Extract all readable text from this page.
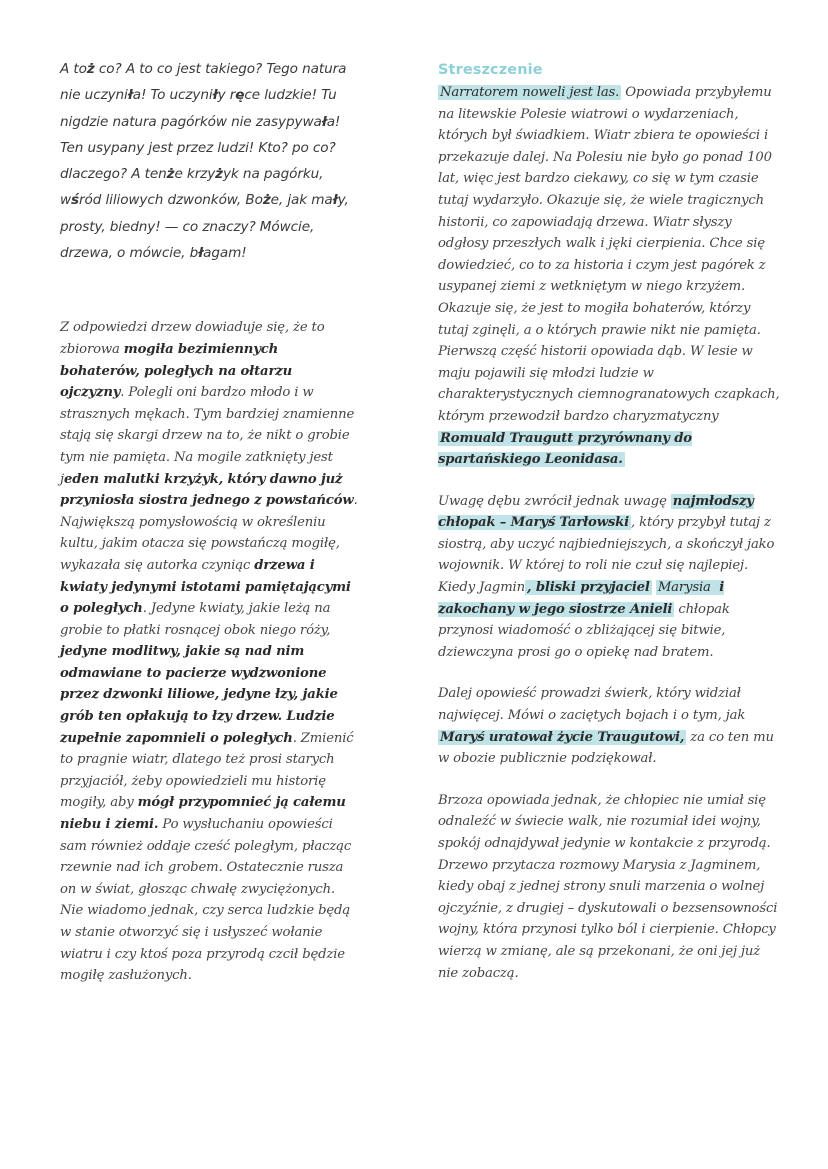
A toż co? A to co jest takiego? Tego natura nie uczyniła! To uczyniły ręce ludzkie! Tu nigdzie natura pagórków nie zasypywała! Ten usypany jest przez ludzi! Kto? po co? dlaczego? A tenże krzyżyk na pagórku, wśród liliowych dzwonków, Boże, jak mały, prosty, biedny! — co znaczy? Mówcie, drzewa, o mówcie, błagam!

Z odpowiedzi drzew dowiaduje się, że to zbiorowa mogiła bezimiennych bohaterów, poległych na ołtarzu ojczyzny. Polegli oni bardzo młodo i w strasznych mękach. Tym bardziej znamienne stają się skargi drzew na to, że nikt o grobie tym nie pamięta. Na mogile zatknięty jest jeden malutki krzyżyk, który dawno już przyniosła siostra jednego z powstańców. Największą pomysłowością w określeniu kultu, jakim otacza się powstańczą mogiłę, wykazała się autorka czyniąc drzewa i kwiaty jedynymi istotami pamiętającymi o poległych. Jedyne kwiaty, jakie leżą na grobie to płatki rosnącej obok niego róży, jedyne modlitwy, jakie są nad nim odmawiane to pacierze wydzwonione przez dzwonki liliowe, jedyne łzy, jakie grób ten opłakują to łzy drzew. Ludzie zupełnie zapomnieli o poległych. Zmienić to pragnie wiatr, dlatego też prosi starych przyjaciół, żeby opowiedzieli mu historię mogiły, aby mógł przypomnieć ją całemu niebu i ziemi. Po wysłuchaniu opowieści sam również oddaje cześć poległym, płacząc rzewnie nad ich grobem. Ostatecznie rusza on w świat, głosząc chwałę zwyciężonych. Nie wiadomo jednak, czy serca ludzkie będą w stanie otworzyć się i usłyszeć wołanie wiatru i czy ktoś poza przyrodą czcił będzie mogiłę zasłużonych.

Streszczenie

Narratorem noweli jest las. Opowiada przybyłemu na litewskie Polesie wiatrowi o wydarzeniach, których był świadkiem. Wiatr zbiera te opowieści i przekazuje dalej. Na Polesiu nie było go ponad 100 lat, więc jest bardzo ciekawy, co się w tym czasie tutaj wydarzyło. Okazuje się, że wiele tragicznych historii, co zapowiadają drzewa. Wiatr słyszy odgłosy przeszłych walk i jęki cierpienia. Chce się dowiedzieć, co to za historia i czym jest pagórek z usypanej ziemi z wetkniętym w niego krzyżem. Okazuje się, że jest to mogiła bohaterów, którzy tutaj zginęli, a o których prawie nikt nie pamięta.
Pierwszą część historii opowiada dąb. W lesie w maju pojawili się młodzi ludzie w charakterystycznych ciemnogranatowych czapkach, którym przewodził bardzo charyzmatyczny Romuald Traugutt przyrównany do spartańskiego Leonidasa.

Uwagę dębu zwrócił jednak uwagę najmłodszy chłopak – Maryś Tarłowski , który przybył tutaj z siostrą, aby uczyć najbiedniejszych, a skończył jako wojownik. W której to roli nie czuł się najlepiej. Kiedy Jagmin , bliski przyjaciel Marysia i zakochany w jego siostrze Anieli chłopak przynosi wiadomość o zbliżającej się bitwie, dziewczyna prosi go o opiekę nad bratem.

Dalej opowieść prowadzi świerk, który widział najwięcej. Mówi o zaciętych bojach i o tym, jak Maryś uratował życie Traugutowi, za co ten mu w obozie publicznie podziękował.

Brzoza opowiada jednak, że chłopiec nie umiał się odnaleźć w świecie walk, nie rozumiał idei wojny, spokój odnajdywał jedynie w kontakcie z przyrodą. Drzewo przytacza rozmowy Marysia z Jagminem, kiedy obaj z jednej strony snuli marzenia o wolnej ojczyźnie, z drugiej – dyskutowali o bezsensowności wojny, która przynosi tylko ból i cierpienie. Chłopcy wierzą w zmianę, ale są przekonani, że oni jej już nie zobaczą.
